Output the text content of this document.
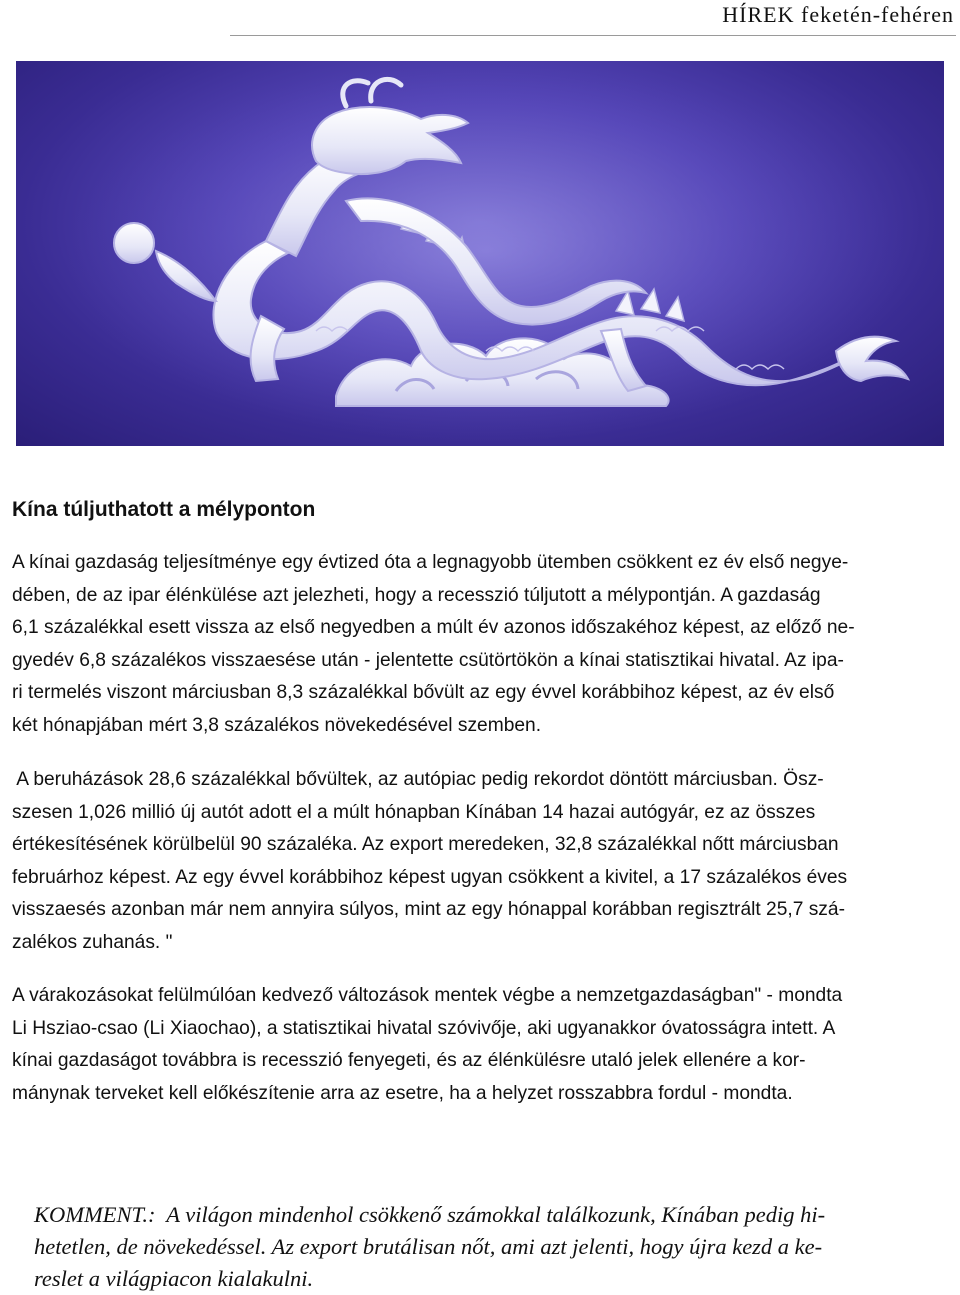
HÍREK feketén-fehéren
Kína túljuthatott a mélyponton
A kínai gazdaság teljesítménye egy évtized óta a legnagyobb ütemben csökkent ez év első negye-
dében, de az ipar élénkülése azt jelezheti, hogy a recesszió túljutott a mélypontján. A gazdaság
6,1 százalékkal esett vissza az első negyedben a múlt év azonos időszakéhoz képest, az előző ne-
gyedév 6,8 százalékos visszaesése után - jelentette csütörtökön a kínai statisztikai hivatal. Az ipa-
ri termelés viszont márciusban 8,3 százalékkal bővült az egy évvel korábbihoz képest, az év első
két hónapjában mért 3,8 százalékos növekedésével szemben.
A beruházások 28,6 százalékkal bővültek, az autópiac pedig rekordot döntött márciusban. Ösz-
szesen 1,026 millió új autót adott el a múlt hónapban Kínában 14 hazai autógyár, ez az összes
értékesítésének körülbelül 90 százaléka. Az export meredeken, 32,8 százalékkal nőtt márciusban
februárhoz képest. Az egy évvel korábbihoz képest ugyan csökkent a kivitel, a 17 százalékos éves
visszaesés azonban már nem annyira súlyos, mint az egy hónappal korábban regisztrált 25,7 szá-
zalékos zuhanás. "
A várakozásokat felülmúlóan kedvező változások mentek végbe a nemzetgazdaságban" - mondta
Li Hsziao-csao (Li Xiaochao), a statisztikai hivatal szóvivője, aki ugyanakkor óvatosságra intett. A
kínai gazdaságot továbbra is recesszió fenyegeti, és az élénkülésre utaló jelek ellenére a kor-
mánynak terveket kell előkészítenie arra az esetre, ha a helyzet rosszabbra fordul - mondta.
KOMMENT.:  A világon mindenhol csökkenő számokkal találkozunk, Kínában pedig hi-
hetetlen, de növekedéssel. Az export brutálisan nőt, ami azt jelenti, hogy újra kezd a ke-
reslet a világpiacon kialakulni.
